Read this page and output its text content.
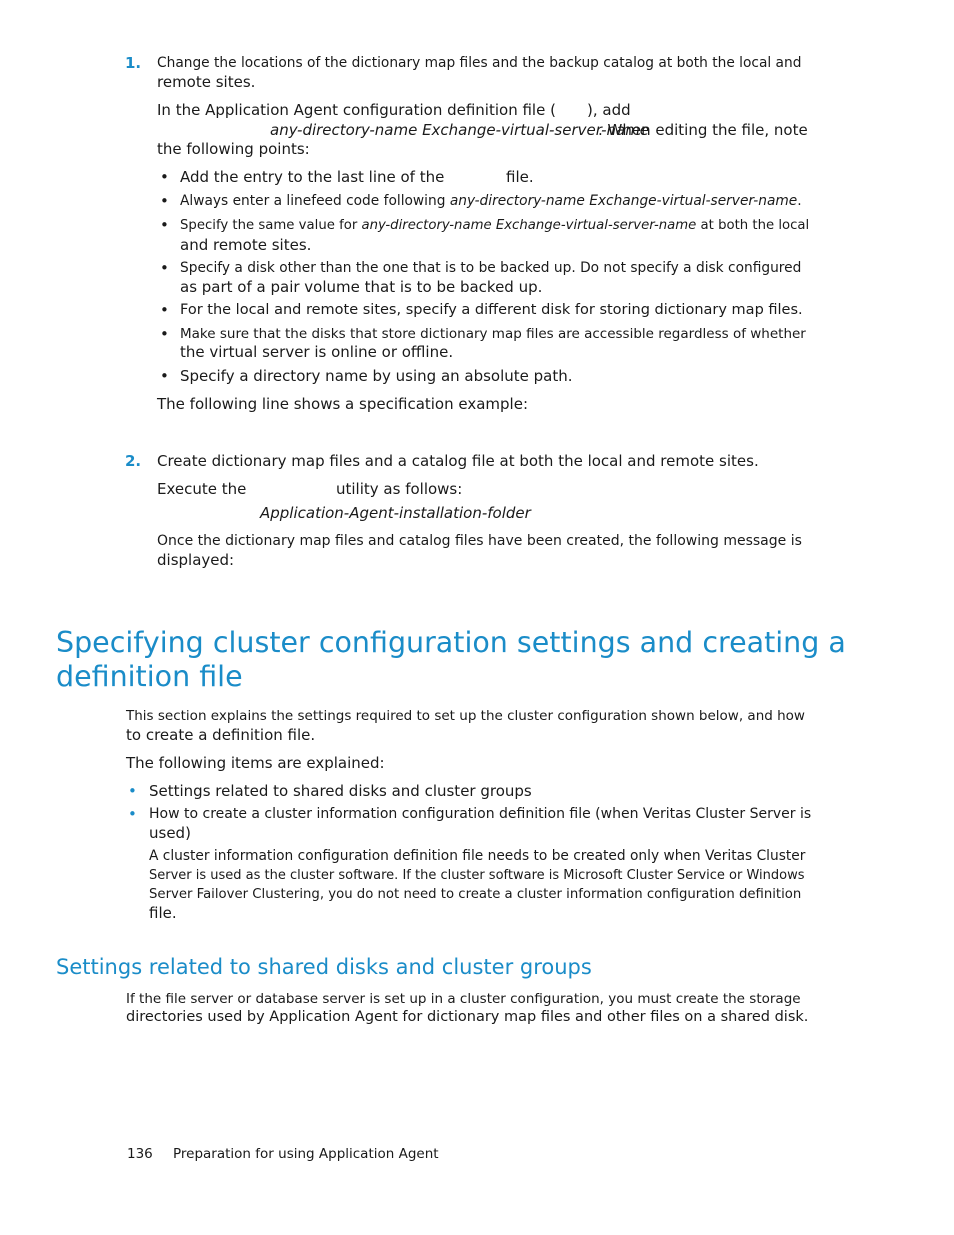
1. Change the locations of the dictionary map files and the backup catalog at both the local and
remote sites.
In the Application Agent configuration definition file ( ), add
any-directory-name Exchange-virtual-server-name
. When editing the file, note
the following points:
• Add the entry to the last line of the	file.
• Always enter a linefeed code following any-directory-name Exchange-virtual-server-name.
• Specify the same value for any-directory-name Exchange-virtual-server-name at both the local
and remote sites.
• Specify a disk other than the one that is to be backed up. Do not specify a disk configured
as part of a pair volume that is to be backed up.
• For the local and remote sites, specify a different disk for storing dictionary map files.
• Make sure that the disks that store dictionary map files are accessible regardless of whether
the virtual server is online or offline.
• Specify a directory name by using an absolute path.
The following line shows a specification example:
2. Create dictionary map files and a catalog file at both the local and remote sites.
Execute the	utility as follows:
Application-Agent-installation-folder
Once the dictionary map files and catalog files have been created, the following message is
displayed:
Specifying cluster configuration settings and creating a definition file
This section explains the settings required to set up the cluster configuration shown below, and how
to create a definition file.
The following items are explained:
• Settings related to shared disks and cluster groups
• How to create a cluster information configuration definition file (when Veritas Cluster Server is
used)
A cluster information configuration definition file needs to be created only when Veritas Cluster
Server is used as the cluster software. If the cluster software is Microsoft Cluster Service or Windows
Server Failover Clustering, you do not need to create a cluster information configuration definition
file.
Settings related to shared disks and cluster groups
If the file server or database server is set up in a cluster configuration, you must create the storage
directories used by Application Agent for dictionary map files and other files on a shared disk.
136 Preparation for using Application Agent
